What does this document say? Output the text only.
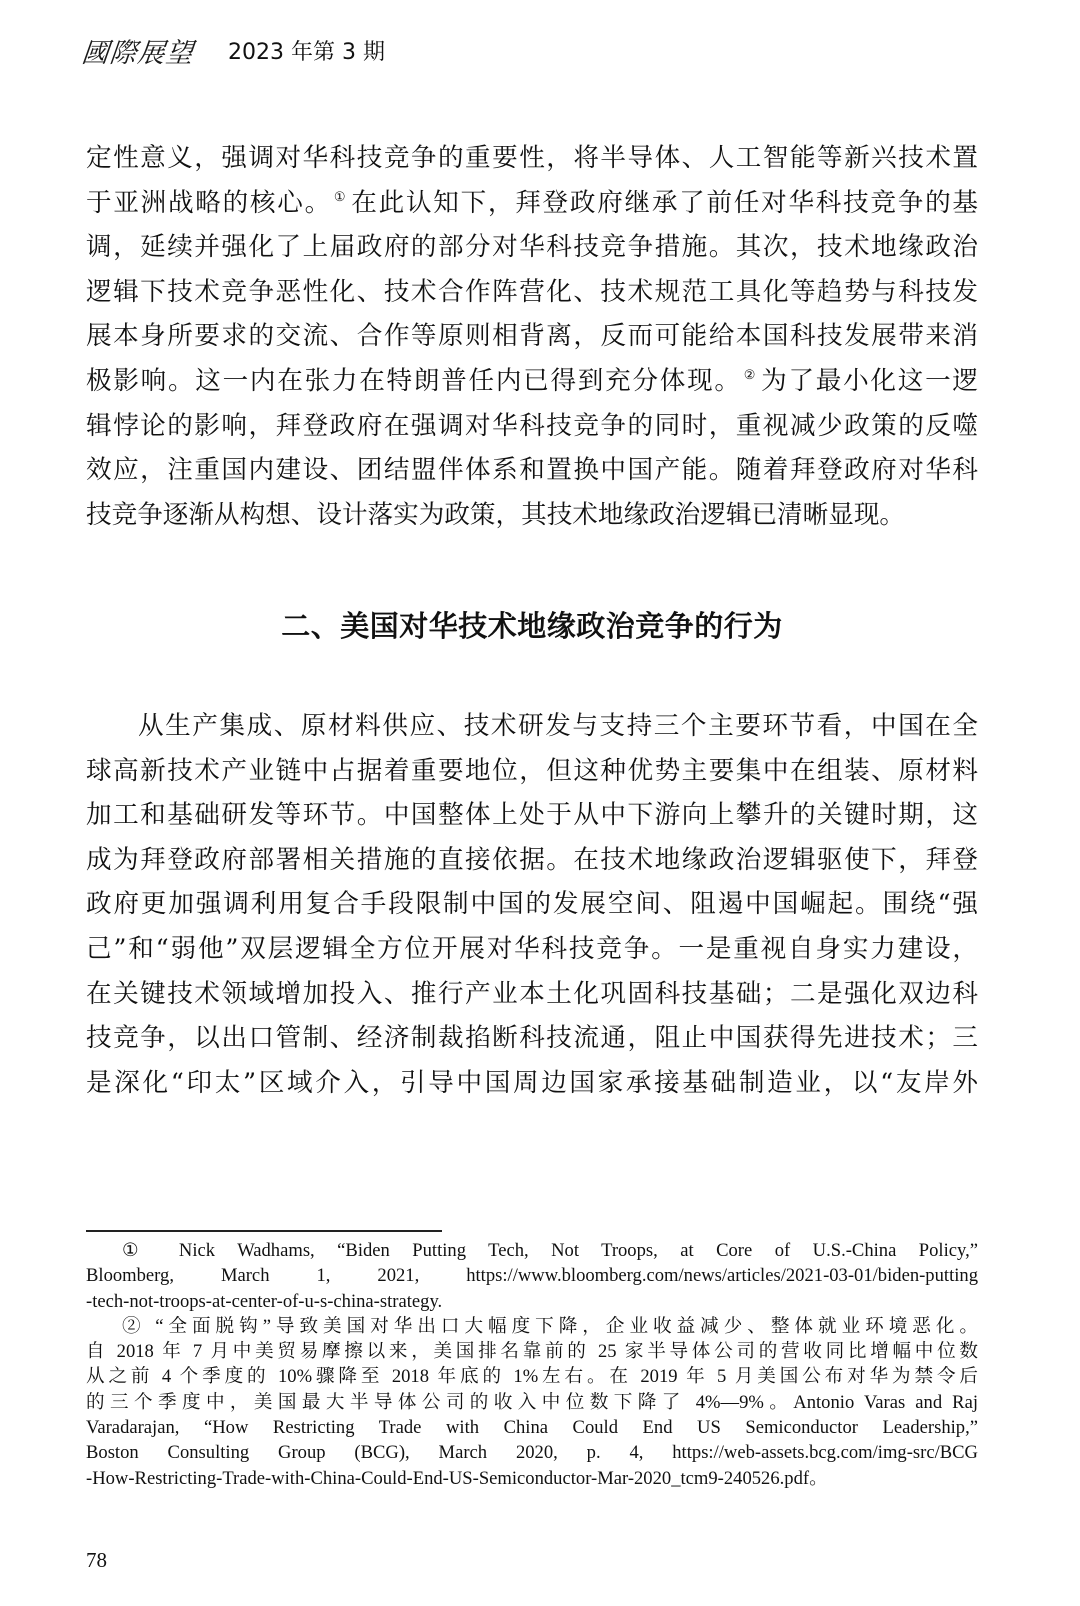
國際展望 2023 年第 3 期
定性意义，强调对华科技竞争的重要性，将半导体、人工智能等新兴技术置
于亚洲战略的核心。 ① 在此认知下，拜登政府继承了前任对华科技竞争的基
调，延续并强化了上届政府的部分对华科技竞争措施。其次，技术地缘政治
逻辑下技术竞争恶性化、技术合作阵营化、技术规范工具化等趋势与科技发
展本身所要求的交流、合作等原则相背离，反而可能给本国科技发展带来消
极影响。这一内在张力在特朗普任内已得到充分体现。 ② 为了最小化这一逻
辑悖论的影响，拜登政府在强调对华科技竞争的同时，重视减少政策的反噬
效应，注重国内建设、团结盟伴体系和置换中国产能。随着拜登政府对华科
技竞争逐渐从构想、设计落实为政策，其技术地缘政治逻辑已清晰显现。
二、美国对华技术地缘政治竞争的行为
从生产集成、原材料供应、技术研发与支持三个主要环节看，中国在全
球高新技术产业链中占据着重要地位，但这种优势主要集中在组装、原材料
加工和基础研发等环节。中国整体上处于从中下游向上攀升的关键时期，这
成为拜登政府部署相关措施的直接依据。在技术地缘政治逻辑驱使下，拜登
政府更加强调利用复合手段限制中国的发展空间、阻遏中国崛起。围绕“强
己”和“弱他”双层逻辑全方位开展对华科技竞争。一是重视自身实力建设，
在关键技术领域增加投入、推行产业本土化巩固科技基础；二是强化双边科
技竞争，以出口管制、经济制裁掐断科技流通，阻止中国获得先进技术；三
是深化“印太”区域介入，引导中国周边国家承接基础制造业，以“友岸外
① Nick Wadhams, “Biden Putting Tech, Not Troops, at Core of U.S.-China Policy,”
Bloomberg, March 1, 2021, https://www.bloomberg.com/news/articles/2021-03-01/biden-putting
-tech-not-troops-at-center-of-u-s-china-strategy.
② “全面脱钩”导致美国对华出口大幅度下降，企业收益减少、整体就业环境恶化。
自 2018 年 7 月中美贸易摩擦以来，美国排名靠前的 25 家半导体公司的营收同比增幅中位数
从之前 4 个季度的 10%骤降至 2018 年底的 1%左右。在 2019 年 5 月美国公布对华为禁令后
的三个季度中，美国最大半导体公司的收入中位数下降了 4%—9%。Antonio Varas and Raj
Varadarajan, “How Restricting Trade with China Could End US Semiconductor Leadership,”
Boston Consulting Group (BCG), March 2020, p. 4, https://web-assets.bcg.com/img-src/BCG
-How-Restricting-Trade-with-China-Could-End-US-Semiconductor-Mar-2020_tcm9-240526.pdf。
78
